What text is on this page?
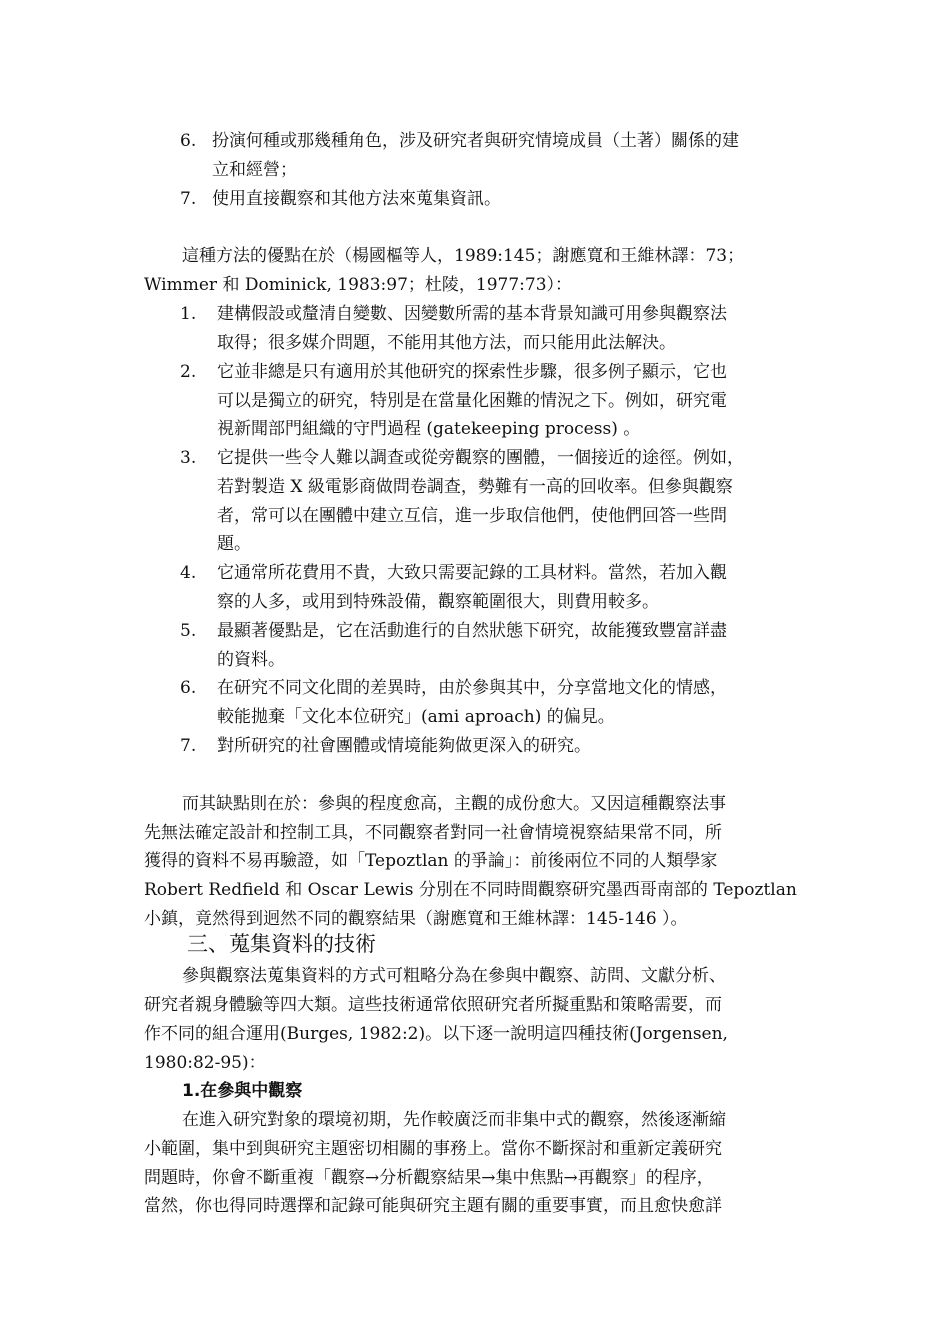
6. 扮演何種或那幾種角色，涉及研究者與研究情境成員（土著）關係的建
立和經營；
7. 使用直接觀察和其他方法來蒐集資訊。
這種方法的優點在於（楊國樞等人，1989:145；謝應寬和王維林譯：73；
Wimmer 和 Dominick, 1983:97；杜陵，1977:73）：
1. 建構假設或釐清自變數、因變數所需的基本背景知識可用參與觀察法
取得；很多媒介問題，不能用其他方法，而只能用此法解決。
2. 它並非總是只有適用於其他研究的探索性步驟，很多例子顯示，它也
可以是獨立的研究，特別是在當量化困難的情況之下。例如，研究電
視新聞部門組織的守門過程 (gatekeeping process) 。
3. 它提供一些令人難以調查或從旁觀察的團體，一個接近的途徑。例如，
若對製造 X 級電影商做問卷調查，勢難有一高的回收率。但參與觀察
者，常可以在團體中建立互信，進一步取信他們，使他們回答一些問
題。
4. 它通常所花費用不貴，大致只需要記錄的工具材料。當然，若加入觀
察的人多，或用到特殊設備，觀察範圍很大，則費用較多。
5. 最顯著優點是，它在活動進行的自然狀態下研究，故能獲致豐富詳盡
的資料。
6. 在研究不同文化間的差異時，由於參與其中，分享當地文化的情感，
較能拋棄「文化本位研究」(ami aproach) 的偏見。
7. 對所研究的社會團體或情境能夠做更深入的研究。
而其缺點則在於：參與的程度愈高，主觀的成份愈大。又因這種觀察法事
先無法確定設計和控制工具，不同觀察者對同一社會情境視察結果常不同，所
獲得的資料不易再驗證，如「Tepoztlan 的爭論」：前後兩位不同的人類學家
Robert Redfield 和 Oscar Lewis 分別在不同時間觀察研究墨西哥南部的 Tepoztlan
小鎮，竟然得到迥然不同的觀察結果（謝應寬和王維林譯：145-146 ）。
三、蒐集資料的技術
參與觀察法蒐集資料的方式可粗略分為在參與中觀察、訪問、文獻分析、
研究者親身體驗等四大類。這些技術通常依照研究者所擬重點和策略需要，而
作不同的組合運用(Burges, 1982:2)。以下逐一說明這四種技術(Jorgensen,
1980:82-95)：
1.在參與中觀察
在進入研究對象的環境初期，先作較廣泛而非集中式的觀察，然後逐漸縮
小範圍，集中到與研究主題密切相關的事務上。當你不斷探討和重新定義研究
問題時，你會不斷重複「觀察→分析觀察結果→集中焦點→再觀察」的程序，
當然，你也得同時選擇和記錄可能與研究主題有關的重要事實，而且愈快愈詳
